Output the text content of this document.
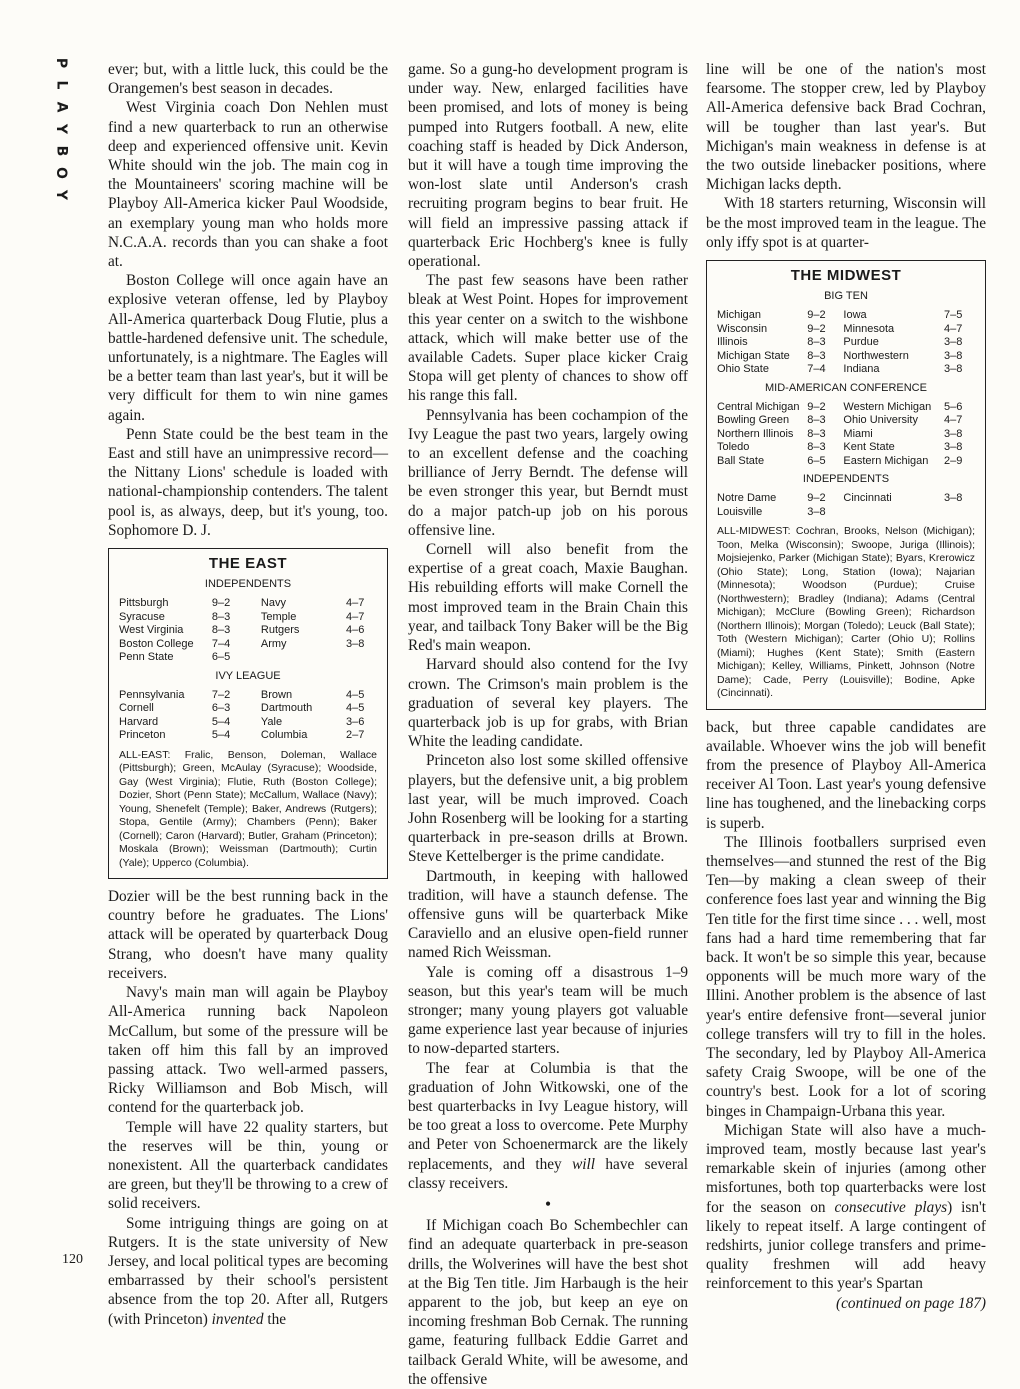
P
L
A
Y
B
O
Y
120

ever; but, with a little luck, this could be the Orangemen's best season in decades.

West Virginia coach Don Nehlen must find a new quarterback to run an otherwise deep and experienced offensive unit. Kevin White should win the job. The main cog in the Mountaineers' scoring machine will be Playboy All-America kicker Paul Woodside, an exemplary young man who holds more N.C.A.A. records than you can shake a foot at.

Boston College will once again have an explosive veteran offense, led by Playboy All-America quarterback Doug Flutie, plus a battle-hardened defensive unit. The schedule, unfortunately, is a nightmare. The Eagles will be a better team than last year's, but it will be very difficult for them to win nine games again.

Penn State could be the best team in the East and still have an unimpressive record—the Nittany Lions' schedule is loaded with national-championship contenders. The talent pool is, as always, deep, but it's young, too. Sophomore D. J.

THE EAST
INDEPENDENTS
Pittsburgh	9–2	Navy	4–7
Syracuse	8–3	Temple	4–7
West Virginia	8–3	Rutgers	4–6
Boston College	7–4	Army	3–8
Penn State	6–5		
IVY LEAGUE
Pennsylvania	7–2	Brown	4–5
Cornell	6–3	Dartmouth	4–5
Harvard	5–4	Yale	3–6
Princeton	5–4	Columbia	2–7
ALL-EAST: Fralic, Benson, Doleman, Wallace (Pittsburgh); Green, McAulay (Syracuse); Woodside, Gay (West Virginia); Flutie, Ruth (Boston College); Dozier, Short (Penn State); McCallum, Wallace (Navy); Young, Shenefelt (Temple); Baker, Andrews (Rutgers); Stopa, Gentile (Army); Chambers (Penn); Baker (Cornell); Caron (Harvard); Butler, Graham (Princeton); Moskala (Brown); Weissman (Dartmouth); Curtin (Yale); Upperco (Columbia).

Dozier will be the best running back in the country before he graduates. The Lions' attack will be operated by quarterback Doug Strang, who doesn't have many quality receivers.

Navy's main man will again be Playboy All-America running back Napoleon McCallum, but some of the pressure will be taken off him this fall by an improved passing attack. Two well-armed passers, Ricky Williamson and Bob Misch, will contend for the quarterback job.

Temple will have 22 quality starters, but the reserves will be thin, young or nonexistent. All the quarterback candidates are green, but they'll be throwing to a crew of solid receivers.

Some intriguing things are going on at Rutgers. It is the state university of New Jersey, and local political types are becoming embarrassed by their school's persistent absence from the top 20. After all, Rutgers (with Princeton) invented the

game. So a gung-ho development program is under way. New, enlarged facilities have been promised, and lots of money is being pumped into Rutgers football. A new, elite coaching staff is headed by Dick Anderson, but it will have a tough time improving the won-lost slate until Anderson's crash recruiting program begins to bear fruit. He will field an impressive passing attack if quarterback Eric Hochberg's knee is fully operational.

The past few seasons have been rather bleak at West Point. Hopes for improvement this year center on a switch to the wishbone attack, which will make better use of the available Cadets. Super place kicker Craig Stopa will get plenty of chances to show off his range this fall.

Pennsylvania has been cochampion of the Ivy League the past two years, largely owing to an excellent defense and the coaching brilliance of Jerry Berndt. The defense will be even stronger this year, but Berndt must do a major patch-up job on his porous offensive line.

Cornell will also benefit from the expertise of a great coach, Maxie Baughan. His rebuilding efforts will make Cornell the most improved team in the Brain Chain this year, and tailback Tony Baker will be the Big Red's main weapon.

Harvard should also contend for the Ivy crown. The Crimson's main problem is the graduation of several key players. The quarterback job is up for grabs, with Brian White the leading candidate.

Princeton also lost some skilled offensive players, but the defensive unit, a big problem last year, will be much improved. Coach John Rosenberg will be looking for a starting quarterback in pre-season drills at Brown. Steve Kettelberger is the prime candidate.

Dartmouth, in keeping with hallowed tradition, will have a staunch defense. The offensive guns will be quarterback Mike Caraviello and an elusive open-field runner named Rich Weissman.

Yale is coming off a disastrous 1–9 season, but this year's team will be much stronger; many young players got valuable game experience last year because of injuries to now-departed starters.

The fear at Columbia is that the graduation of John Witkowski, one of the best quarterbacks in Ivy League history, will be too great a loss to overcome. Pete Murphy and Peter von Schoenermarck are the likely replacements, and they will have several classy receivers.

•

If Michigan coach Bo Schembechler can find an adequate quarterback in pre-season drills, the Wolverines will have the best shot at the Big Ten title. Jim Harbaugh is the heir apparent to the job, but keep an eye on incoming freshman Bob Cernak. The running game, featuring fullback Eddie Garret and tailback Gerald White, will be awesome, and the offensive

line will be one of the nation's most fearsome. The stopper crew, led by Playboy All-America defensive back Brad Cochran, will be tougher than last year's. But Michigan's main weakness in defense is at the two outside linebacker positions, where Michigan lacks depth.

With 18 starters returning, Wisconsin will be the most improved team in the league. The only iffy spot is at quarter-

THE MIDWEST
BIG TEN
Michigan	9–2	Iowa	7–5
Wisconsin	9–2	Minnesota	4–7
Illinois	8–3	Purdue	3–8
Michigan State	8–3	Northwestern	3–8
Ohio State	7–4	Indiana	3–8
MID-AMERICAN CONFERENCE
Central Michigan	9–2	Western Michigan	5–6
Bowling Green	8–3	Ohio University	4–7
Northern Illinois	8–3	Miami	3–8
Toledo	8–3	Kent State	3–8
Ball State	6–5	Eastern Michigan	2–9
INDEPENDENTS
Notre Dame	9–2	Cincinnati	3–8
Louisville	3–8		
ALL-MIDWEST: Cochran, Brooks, Nelson (Michigan); Toon, Melka (Wisconsin); Swoope, Juriga (Illinois); Mojsiejenko, Parker (Michigan State); Byars, Krerowicz (Ohio State); Long, Station (Iowa); Najarian (Minnesota); Woodson (Purdue); Cruise (Northwestern); Bradley (Indiana); Adams (Central Michigan); McClure (Bowling Green); Richardson (Northern Illinois); Morgan (Toledo); Leuck (Ball State); Toth (Western Michigan); Carter (Ohio U); Rollins (Miami); Hughes (Kent State); Smith (Eastern Michigan); Kelley, Williams, Pinkett, Johnson (Notre Dame); Cade, Perry (Louisville); Bodine, Apke (Cincinnati).

back, but three capable candidates are available. Whoever wins the job will benefit from the presence of Playboy All-America receiver Al Toon. Last year's young defensive line has toughened, and the linebacking corps is superb.

The Illinois footballers surprised even themselves—and stunned the rest of the Big Ten—by making a clean sweep of their conference foes last year and winning the Big Ten title for the first time since . . . well, most fans had a hard time remembering that far back. It won't be so simple this year, because opponents will be much more wary of the Illini. Another problem is the absence of last year's entire defensive front—several junior college transfers will try to fill in the holes. The secondary, led by Playboy All-America safety Craig Swoope, will be one of the country's best. Look for a lot of scoring binges in Champaign-Urbana this year.

Michigan State will also have a much-improved team, mostly because last year's remarkable skein of injuries (among other misfortunes, both top quarterbacks were lost for the season on consecutive plays) isn't likely to repeat itself. A large contingent of redshirts, junior college transfers and prime-quality freshmen will add heavy reinforcement to this year's Spartan

(continued on page 187)
